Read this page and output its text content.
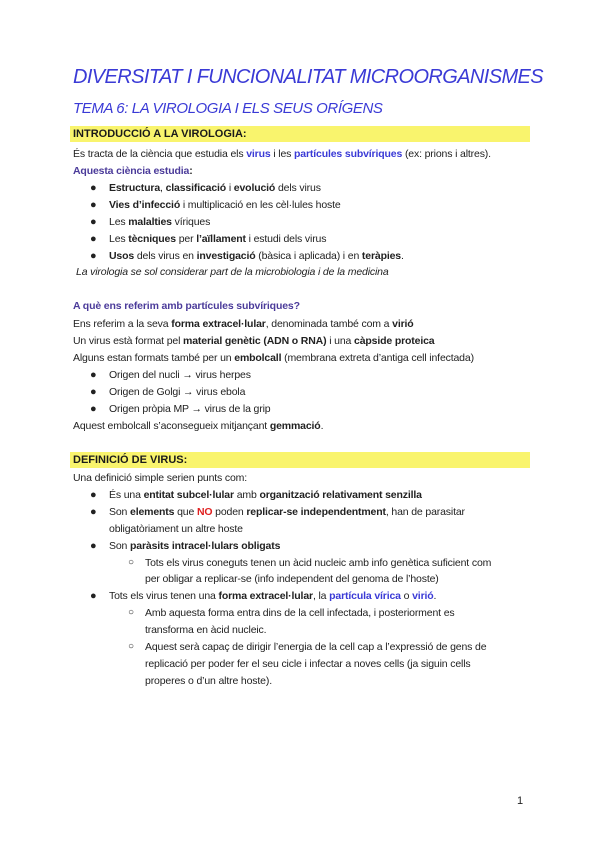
DIVERSITAT I FUNCIONALITAT MICROORGANISMES
TEMA 6: LA VIROLOGIA I ELS SEUS ORÍGENS
INTRODUCCIÓ A LA VIROLOGIA:
És tracta de la ciència que estudia els virus i les partícules subvíriques (ex: prions i altres).
Aquesta ciència estudia:
● Estructura, classificació i evolució dels virus
● Vies d’infecció i multiplicació en les cèl·lules hoste
● Les malalties víriques
● Les tècniques per l’aïllament i estudi dels virus
● Usos dels virus en investigació (bàsica i aplicada) i en teràpies.
La virologia se sol considerar part de la microbiologia i de la medicina
A què ens referim amb partícules subvíriques?
Ens referim a la seva forma extracel·lular, denominada també com a virió
Un virus està format pel material genètic (ADN o RNA) i una càpside proteica
Alguns estan formats també per un embolcall (membrana extreta d’antiga cell infectada)
● Origen del nucli → virus herpes
● Origen de Golgi → virus ebola
● Origen pròpia MP → virus de la grip
Aquest embolcall s’aconsegueix mitjançant gemmació.
DEFINICIÓ DE VIRUS:
Una definició simple serien punts com:
● És una entitat subcel·lular amb organització relativament senzilla
● Son elements que NO poden replicar-se independentment, han de parasitar
obligatòriament un altre hoste
● Son paràsits intracel·lulars obligats
○ Tots els virus coneguts tenen un àcid nucleic amb info genètica suficient com
per obligar a replicar-se (info independent del genoma de l’hoste)
● Tots els virus tenen una forma extracel·lular, la partícula vírica o virió.
○ Amb aquesta forma entra dins de la cell infectada, i posteriorment es
transforma en àcid nucleic.
○ Aquest serà capaç de dirigir l’energia de la cell cap a l’expressió de gens de
replicació per poder fer el seu cicle i infectar a noves cells (ja siguin cells
properes o d’un altre hoste).
1
